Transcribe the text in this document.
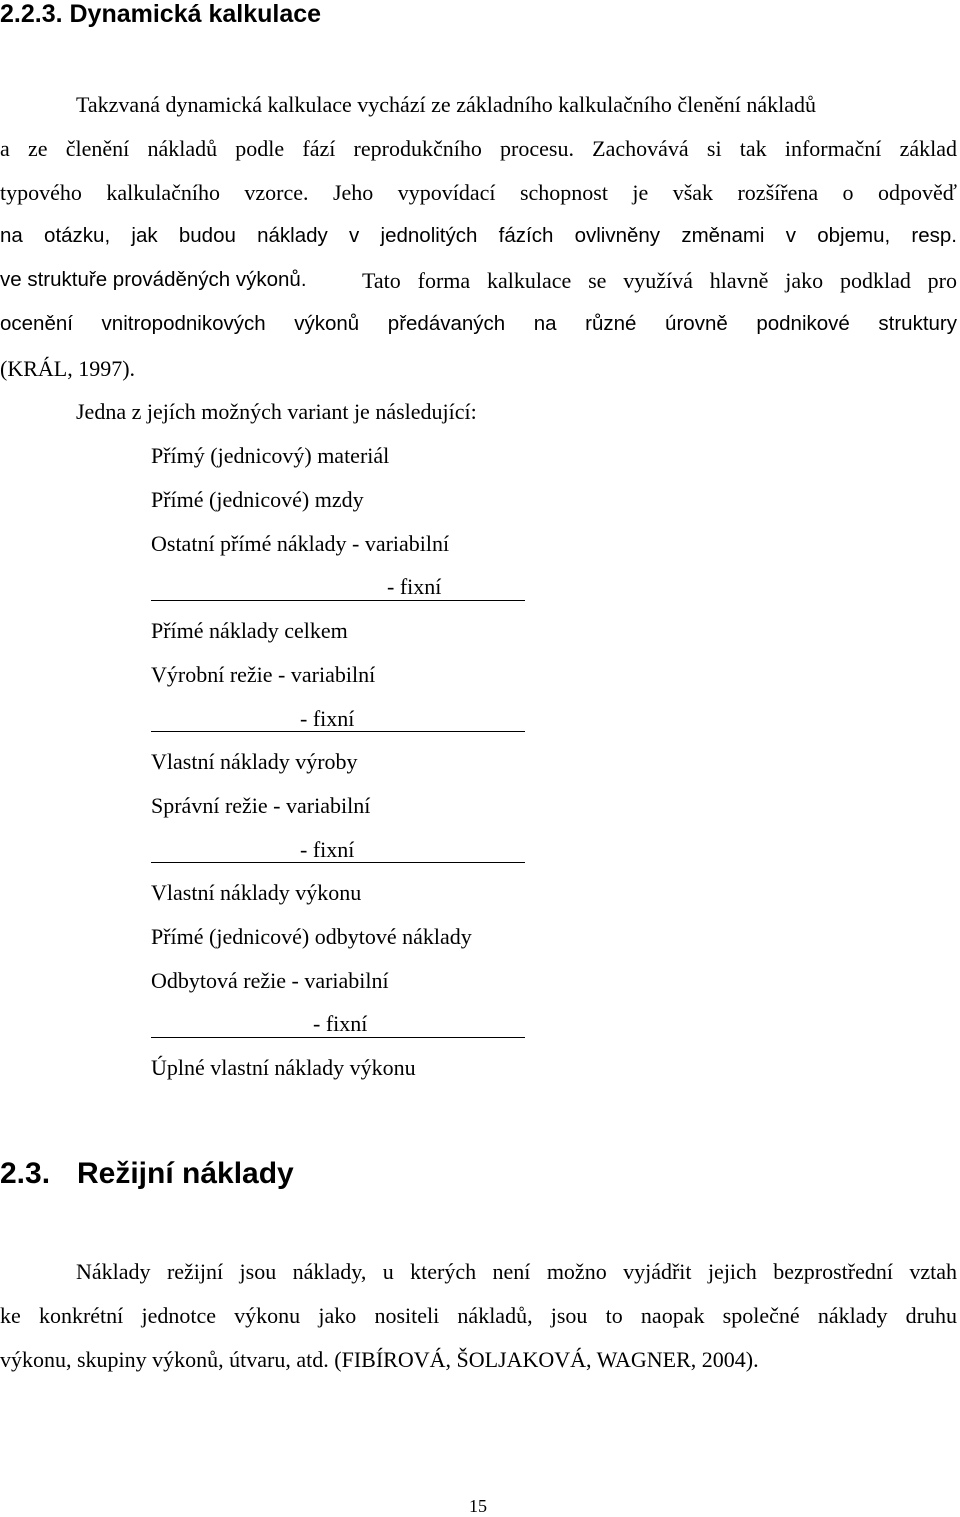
2.2.3. Dynamická kalkulace
Takzvaná dynamická kalkulace vychází ze základního kalkulačního členění nákladů
a ze členění nákladů podle fází reprodukčního procesu. Zachovává si tak informační základ
typového kalkulačního vzorce. Jeho vypovídací schopnost je však rozšířena o odpověď
na otázku, jak budou náklady v jednolitých fázích ovlivněny změnami v objemu, resp.
ve struktuře prováděných výkonů.	Tato forma kalkulace se využívá hlavně jako podklad pro
ocenění vnitropodnikových výkonů předávaných na různé úrovně podnikové struktury
(KRÁL, 1997).
Jedna z jejích možných variant je následující:
Přímý (jednicový) materiál
Přímé (jednicové) mzdy
Ostatní přímé náklady - variabilní
- fixní
Přímé náklady celkem
Výrobní režie - variabilní
- fixní
Vlastní náklady výroby
Správní režie - variabilní
- fixní
Vlastní náklady výkonu
Přímé (jednicové) odbytové náklady
Odbytová režie - variabilní
- fixní
Úplné vlastní náklady výkonu
2.3. Režijní náklady
Náklady režijní jsou náklady, u kterých není možno vyjádřit jejich bezprostřední vztah
ke konkrétní jednotce výkonu jako nositeli nákladů, jsou to naopak společné náklady druhu
výkonu, skupiny výkonů, útvaru, atd. (FIBÍROVÁ, ŠOLJAKOVÁ, WAGNER, 2004).
15
